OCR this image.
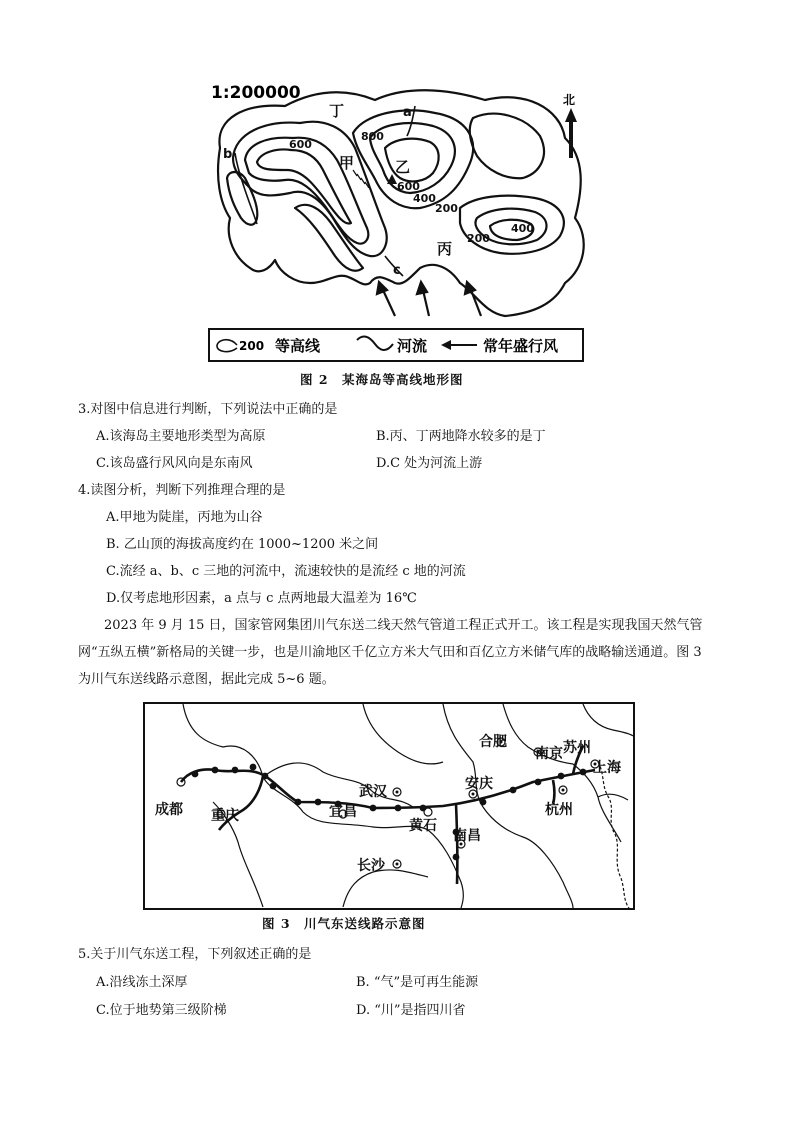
1:200000	北
600
800
600
400
200
200
400
丁
甲	乙
丙
a
b
c
200 等高线	河流	常年盛行风
图 2　某海岛等高线地形图
3.对图中信息进行判断，下列说法中正确的是
A.该海岛主要地形类型为高原	B.丙、丁两地降水较多的是丁
C.该岛盛行风风向是东南风	D.C 处为河流上游
4.读图分析，判断下列推理合理的是
A.甲地为陡崖，丙地为山谷
B. 乙山顶的海拔高度约在 1000~1200 米之间
C.流经 a、b、c 三地的河流中，流速较快的是流经 c 地的河流
D.仅考虑地形因素，a 点与 c 点两地最大温差为 16℃
　　2023 年 9 月 15 日，国家管网集团川气东送二线天然气管道工程正式开工。该工程是实现我国天然气管网“五纵五横”新格局的关键一步，也是川渝地区千亿立方米大气田和百亿立方米储气库的战略输送通道。图 3 为川气东送线路示意图，据此完成 5~6 题。
成都 重庆	宜昌
武汉
长沙
黄石
南昌
安庆
合肥
南京 苏州
上海
杭州
图 3　川气东送线路示意图
5.关于川气东送工程，下列叙述正确的是
A.沿线冻土深厚	B. “气”是可再生能源
C.位于地势第三级阶梯	D. “川”是指四川省
